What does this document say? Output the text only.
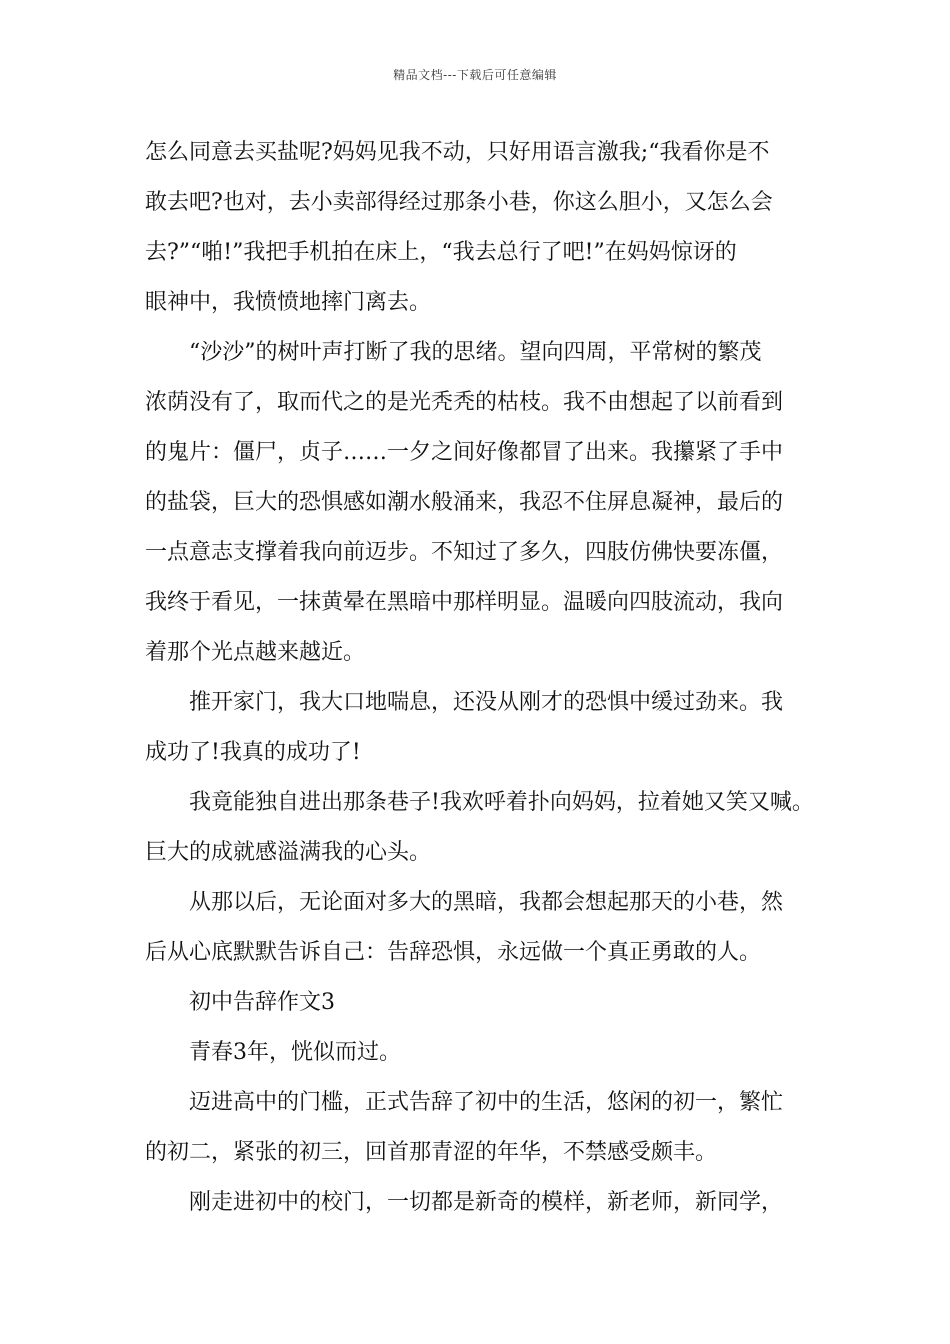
精品文档---下载后可任意编辑
怎么同意去买盐呢?妈妈见我不动，只好用语言激我;“我看你是不
敢去吧?也对，去小卖部得经过那条小巷，你这么胆小，又怎么会
去?”“啪!”我把手机拍在床上，“我去总行了吧!”在妈妈惊讶的
眼神中，我愤愤地摔门离去。
“沙沙”的树叶声打断了我的思绪。望向四周，平常树的繁茂
浓荫没有了，取而代之的是光秃秃的枯枝。我不由想起了以前看到
的鬼片：僵尸，贞子……一夕之间好像都冒了出来。我攥紧了手中
的盐袋，巨大的恐惧感如潮水般涌来，我忍不住屏息凝神，最后的
一点意志支撑着我向前迈步。不知过了多久，四肢仿佛快要冻僵，
我终于看见，一抹黄晕在黑暗中那样明显。温暖向四肢流动，我向
着那个光点越来越近。
推开家门，我大口地喘息，还没从刚才的恐惧中缓过劲来。我
成功了!我真的成功了!
我竟能独自进出那条巷子!我欢呼着扑向妈妈，拉着她又笑又喊。
巨大的成就感溢满我的心头。
从那以后，无论面对多大的黑暗，我都会想起那天的小巷，然
后从心底默默告诉自己：告辞恐惧，永远做一个真正勇敢的人。
初中告辞作文3
青春3年，恍似而过。
迈进高中的门槛，正式告辞了初中的生活，悠闲的初一，繁忙
的初二，紧张的初三，回首那青涩的年华，不禁感受颇丰。
刚走进初中的校门，一切都是新奇的模样，新老师，新同学，
